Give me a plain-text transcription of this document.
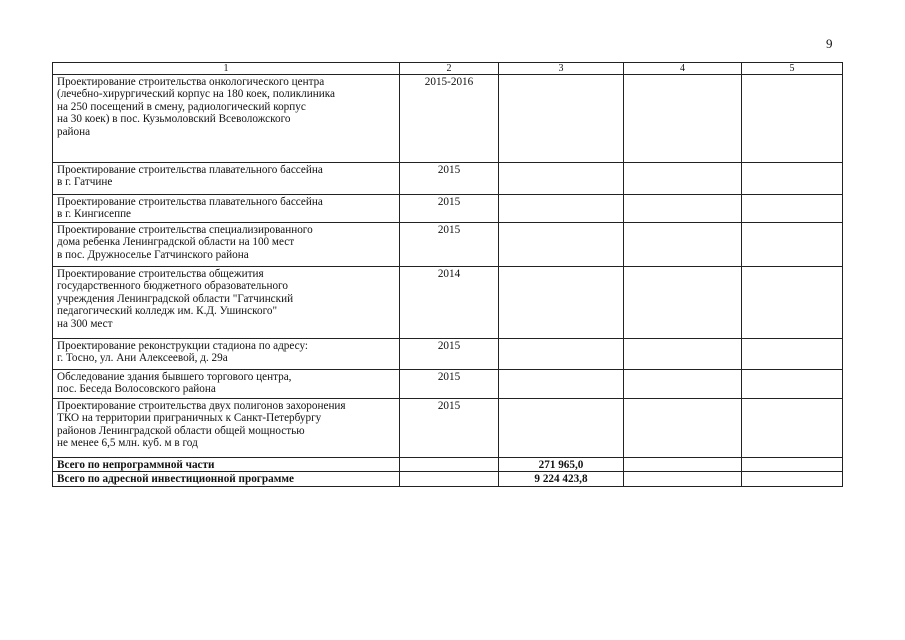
9
1	2	3	4	5
Проектирование строительства онкологического центра
(лечебно-хирургический корпус на 180 коек, поликлиника
на 250 посещений в смену, радиологический корпус
на 30 коек) в пос. Кузьмоловский Всеволожского
района	2015-2016			
Проектирование строительства плавательного бассейна
в г. Гатчине	2015			
Проектирование строительства плавательного бассейна
в г. Кингисеппе	2015			
Проектирование строительства специализированного
дома ребенка Ленинградской области на 100 мест
в пос. Дружноселье Гатчинского района	2015			
Проектирование строительства общежития
государственного бюджетного образовательного
учреждения Ленинградской области "Гатчинский
педагогический колледж им. К.Д. Ушинского"
на 300 мест	2014			
Проектирование реконструкции стадиона по адресу:
г. Тосно, ул. Ани Алексеевой, д. 29а	2015			
Обследование здания бывшего торгового центра,
пос. Беседа Волосовского района	2015			
Проектирование строительства двух полигонов захоронения
ТКО на территории приграничных к Санкт-Петербургу
районов Ленинградской области общей мощностью
не менее 6,5 млн. куб. м в год	2015			
Всего по непрограммной части		271 965,0		
Всего по адресной инвестиционной программе		9 224 423,8		
